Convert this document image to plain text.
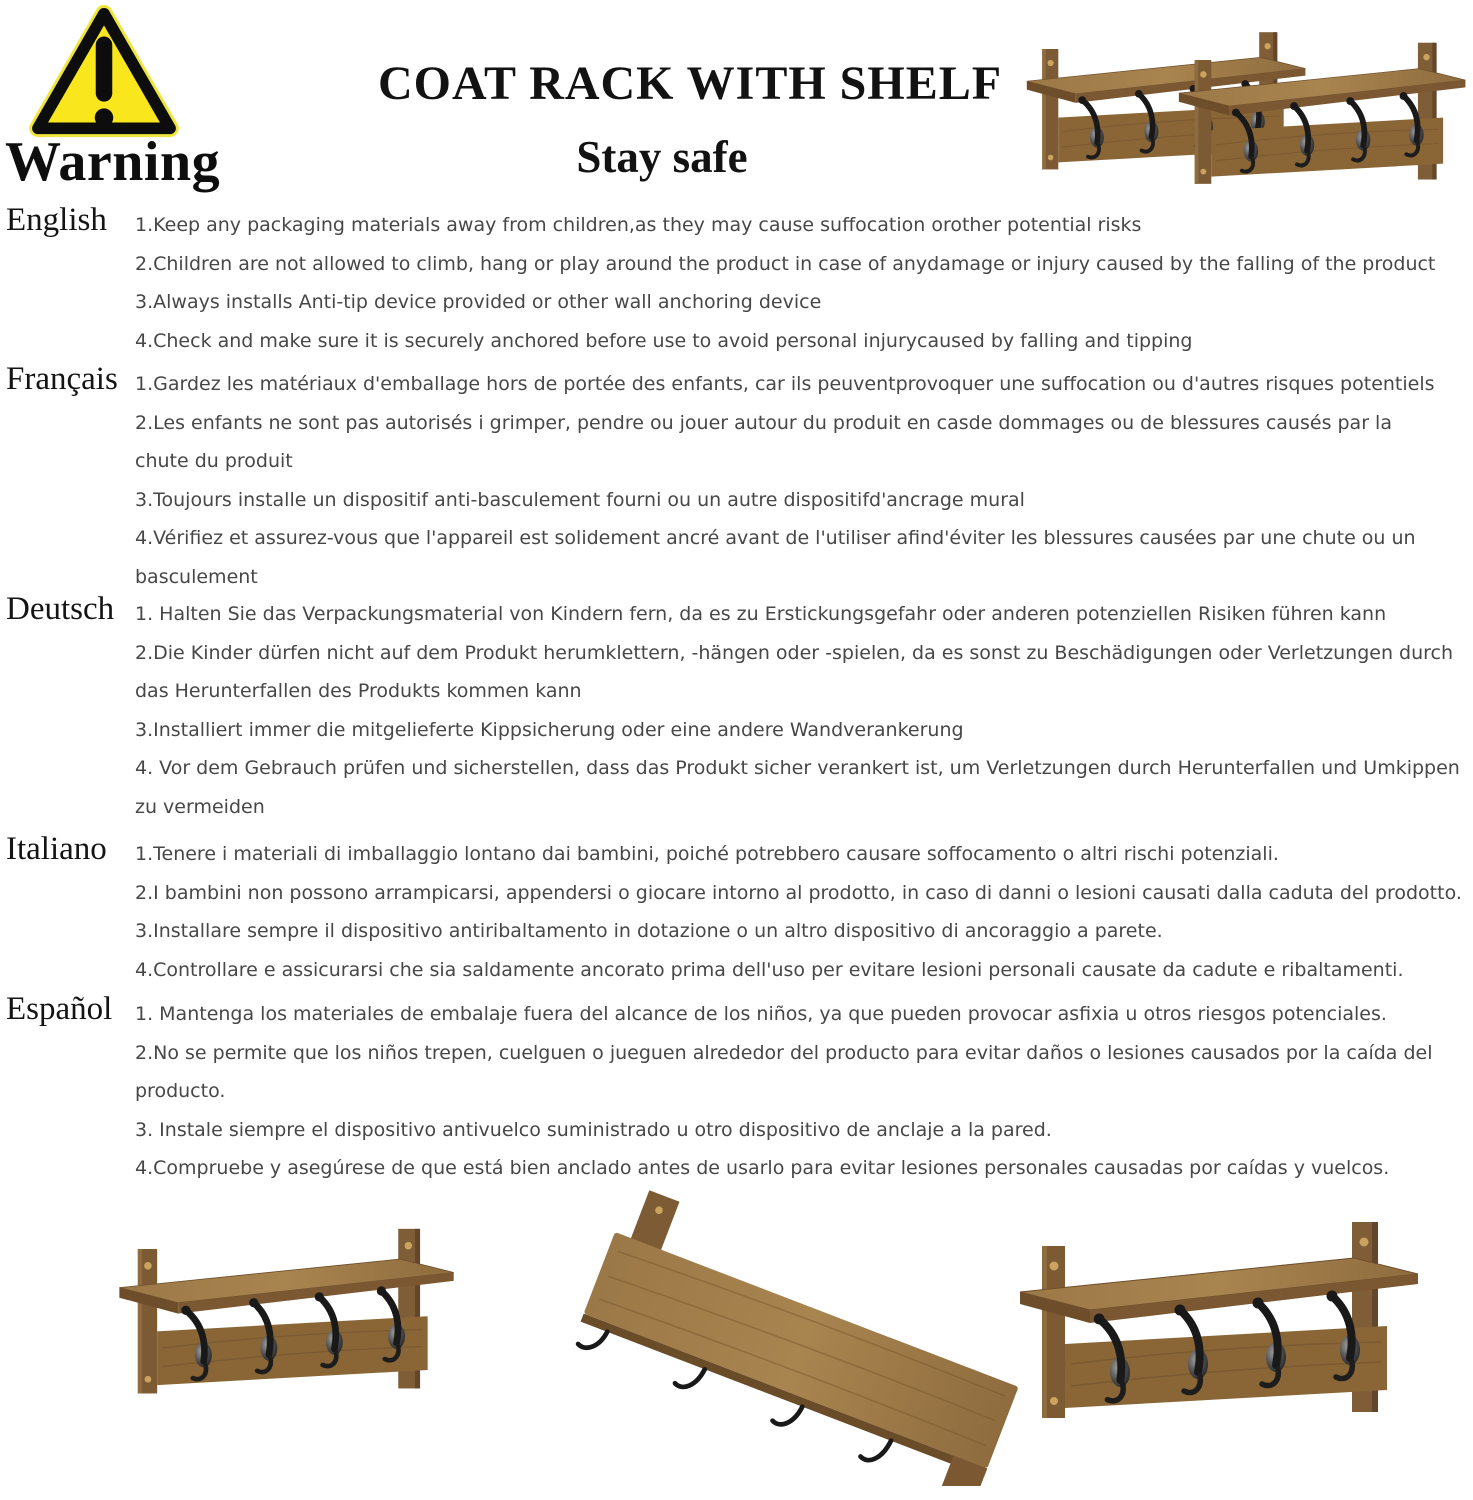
Warning
COAT RACK WITH SHELF
Stay safe
English 1.Keep any packaging materials away from children,as they may cause suffocation orother potential risks
2.Children are not allowed to climb, hang or play around the product in case of anydamage or injury caused by the falling of the product
3.Always installs Anti-tip device provided or other wall anchoring device
4.Check and make sure it is securely anchored before use to avoid personal injurycaused by falling and tipping
Français 1.Gardez les matériaux d'emballage hors de portée des enfants, car ils peuventprovoquer une suffocation ou d'autres risques potentiels
2.Les enfants ne sont pas autorisés i grimper, pendre ou jouer autour du produit en casde dommages ou de blessures causés par la
chute du produit
3.Toujours installe un dispositif anti-basculement fourni ou un autre dispositifd'ancrage mural
4.Vérifiez et assurez-vous que l'appareil est solidement ancré avant de l'utiliser afind'éviter les blessures causées par une chute ou un
basculement
Deutsch 1. Halten Sie das Verpackungsmaterial von Kindern fern, da es zu Erstickungsgefahr oder anderen potenziellen Risiken führen kann
2.Die Kinder dürfen nicht auf dem Produkt herumklettern, -hängen oder -spielen, da es sonst zu Beschädigungen oder Verletzungen durch
das Herunterfallen des Produkts kommen kann
3.Installiert immer die mitgelieferte Kippsicherung oder eine andere Wandverankerung
4. Vor dem Gebrauch prüfen und sicherstellen, dass das Produkt sicher verankert ist, um Verletzungen durch Herunterfallen und Umkippen
zu vermeiden
Italiano 1.Tenere i materiali di imballaggio lontano dai bambini, poiché potrebbero causare soffocamento o altri rischi potenziali.
2.I bambini non possono arrampicarsi, appendersi o giocare intorno al prodotto, in caso di danni o lesioni causati dalla caduta del prodotto.
3.Installare sempre il dispositivo antiribaltamento in dotazione o un altro dispositivo di ancoraggio a parete.
4.Controllare e assicurarsi che sia saldamente ancorato prima dell'uso per evitare lesioni personali causate da cadute e ribaltamenti.
Español 1. Mantenga los materiales de embalaje fuera del alcance de los niños, ya que pueden provocar asfixia u otros riesgos potenciales.
2.No se permite que los niños trepen, cuelguen o jueguen alrededor del producto para evitar daños o lesiones causados por la caída del
producto.
3. Instale siempre el dispositivo antivuelco suministrado u otro dispositivo de anclaje a la pared.
4.Compruebe y asegúrese de que está bien anclado antes de usarlo para evitar lesiones personales causadas por caídas y vuelcos.
